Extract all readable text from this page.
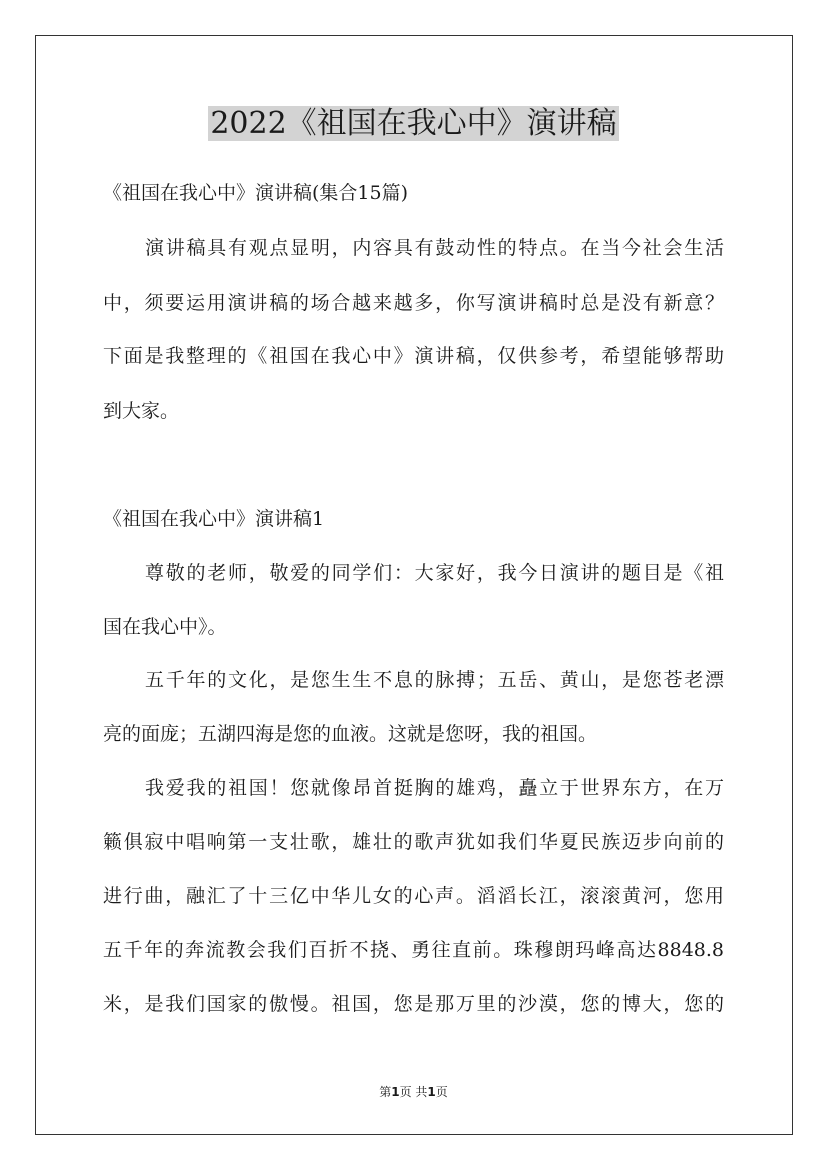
2022《祖国在我心中》演讲稿
《祖国在我心中》演讲稿(集合15篇)
演讲稿具有观点显明，内容具有鼓动性的特点。在当今社会生活
中，须要运用演讲稿的场合越来越多，你写演讲稿时总是没有新意？
下面是我整理的《祖国在我心中》演讲稿，仅供参考，希望能够帮助
到大家。
《祖国在我心中》演讲稿1
尊敬的老师，敬爱的同学们：大家好，我今日演讲的题目是《祖
国在我心中》。
五千年的文化，是您生生不息的脉搏；五岳、黄山，是您苍老漂
亮的面庞；五湖四海是您的血液。这就是您呀，我的祖国。
我爱我的祖国！您就像昂首挺胸的雄鸡，矗立于世界东方，在万
籁俱寂中唱响第一支壮歌，雄壮的歌声犹如我们华夏民族迈步向前的
进行曲，融汇了十三亿中华儿女的心声。滔滔长江，滚滚黄河，您用
五千年的奔流教会我们百折不挠、勇往直前。珠穆朗玛峰高达8848.8
米，是我们国家的傲慢。祖国，您是那万里的沙漠，您的博大，您的
第1页 共1页
